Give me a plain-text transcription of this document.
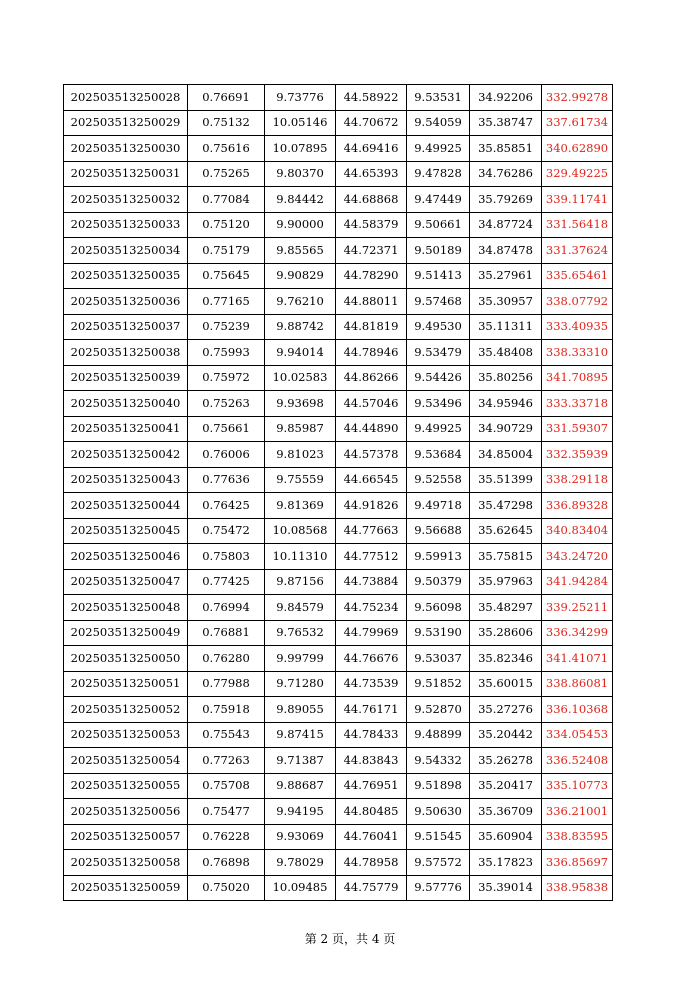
202503513250028	0.76691	9.73776	44.58922	9.53531	34.92206	332.99278
202503513250029	0.75132	10.05146	44.70672	9.54059	35.38747	337.61734
202503513250030	0.75616	10.07895	44.69416	9.49925	35.85851	340.62890
202503513250031	0.75265	9.80370	44.65393	9.47828	34.76286	329.49225
202503513250032	0.77084	9.84442	44.68868	9.47449	35.79269	339.11741
202503513250033	0.75120	9.90000	44.58379	9.50661	34.87724	331.56418
202503513250034	0.75179	9.85565	44.72371	9.50189	34.87478	331.37624
202503513250035	0.75645	9.90829	44.78290	9.51413	35.27961	335.65461
202503513250036	0.77165	9.76210	44.88011	9.57468	35.30957	338.07792
202503513250037	0.75239	9.88742	44.81819	9.49530	35.11311	333.40935
202503513250038	0.75993	9.94014	44.78946	9.53479	35.48408	338.33310
202503513250039	0.75972	10.02583	44.86266	9.54426	35.80256	341.70895
202503513250040	0.75263	9.93698	44.57046	9.53496	34.95946	333.33718
202503513250041	0.75661	9.85987	44.44890	9.49925	34.90729	331.59307
202503513250042	0.76006	9.81023	44.57378	9.53684	34.85004	332.35939
202503513250043	0.77636	9.75559	44.66545	9.52558	35.51399	338.29118
202503513250044	0.76425	9.81369	44.91826	9.49718	35.47298	336.89328
202503513250045	0.75472	10.08568	44.77663	9.56688	35.62645	340.83404
202503513250046	0.75803	10.11310	44.77512	9.59913	35.75815	343.24720
202503513250047	0.77425	9.87156	44.73884	9.50379	35.97963	341.94284
202503513250048	0.76994	9.84579	44.75234	9.56098	35.48297	339.25211
202503513250049	0.76881	9.76532	44.79969	9.53190	35.28606	336.34299
202503513250050	0.76280	9.99799	44.76676	9.53037	35.82346	341.41071
202503513250051	0.77988	9.71280	44.73539	9.51852	35.60015	338.86081
202503513250052	0.75918	9.89055	44.76171	9.52870	35.27276	336.10368
202503513250053	0.75543	9.87415	44.78433	9.48899	35.20442	334.05453
202503513250054	0.77263	9.71387	44.83843	9.54332	35.26278	336.52408
202503513250055	0.75708	9.88687	44.76951	9.51898	35.20417	335.10773
202503513250056	0.75477	9.94195	44.80485	9.50630	35.36709	336.21001
202503513250057	0.76228	9.93069	44.76041	9.51545	35.60904	338.83595
202503513250058	0.76898	9.78029	44.78958	9.57572	35.17823	336.85697
202503513250059	0.75020	10.09485	44.75779	9.57776	35.39014	338.95838
第 2 页，共 4 页
